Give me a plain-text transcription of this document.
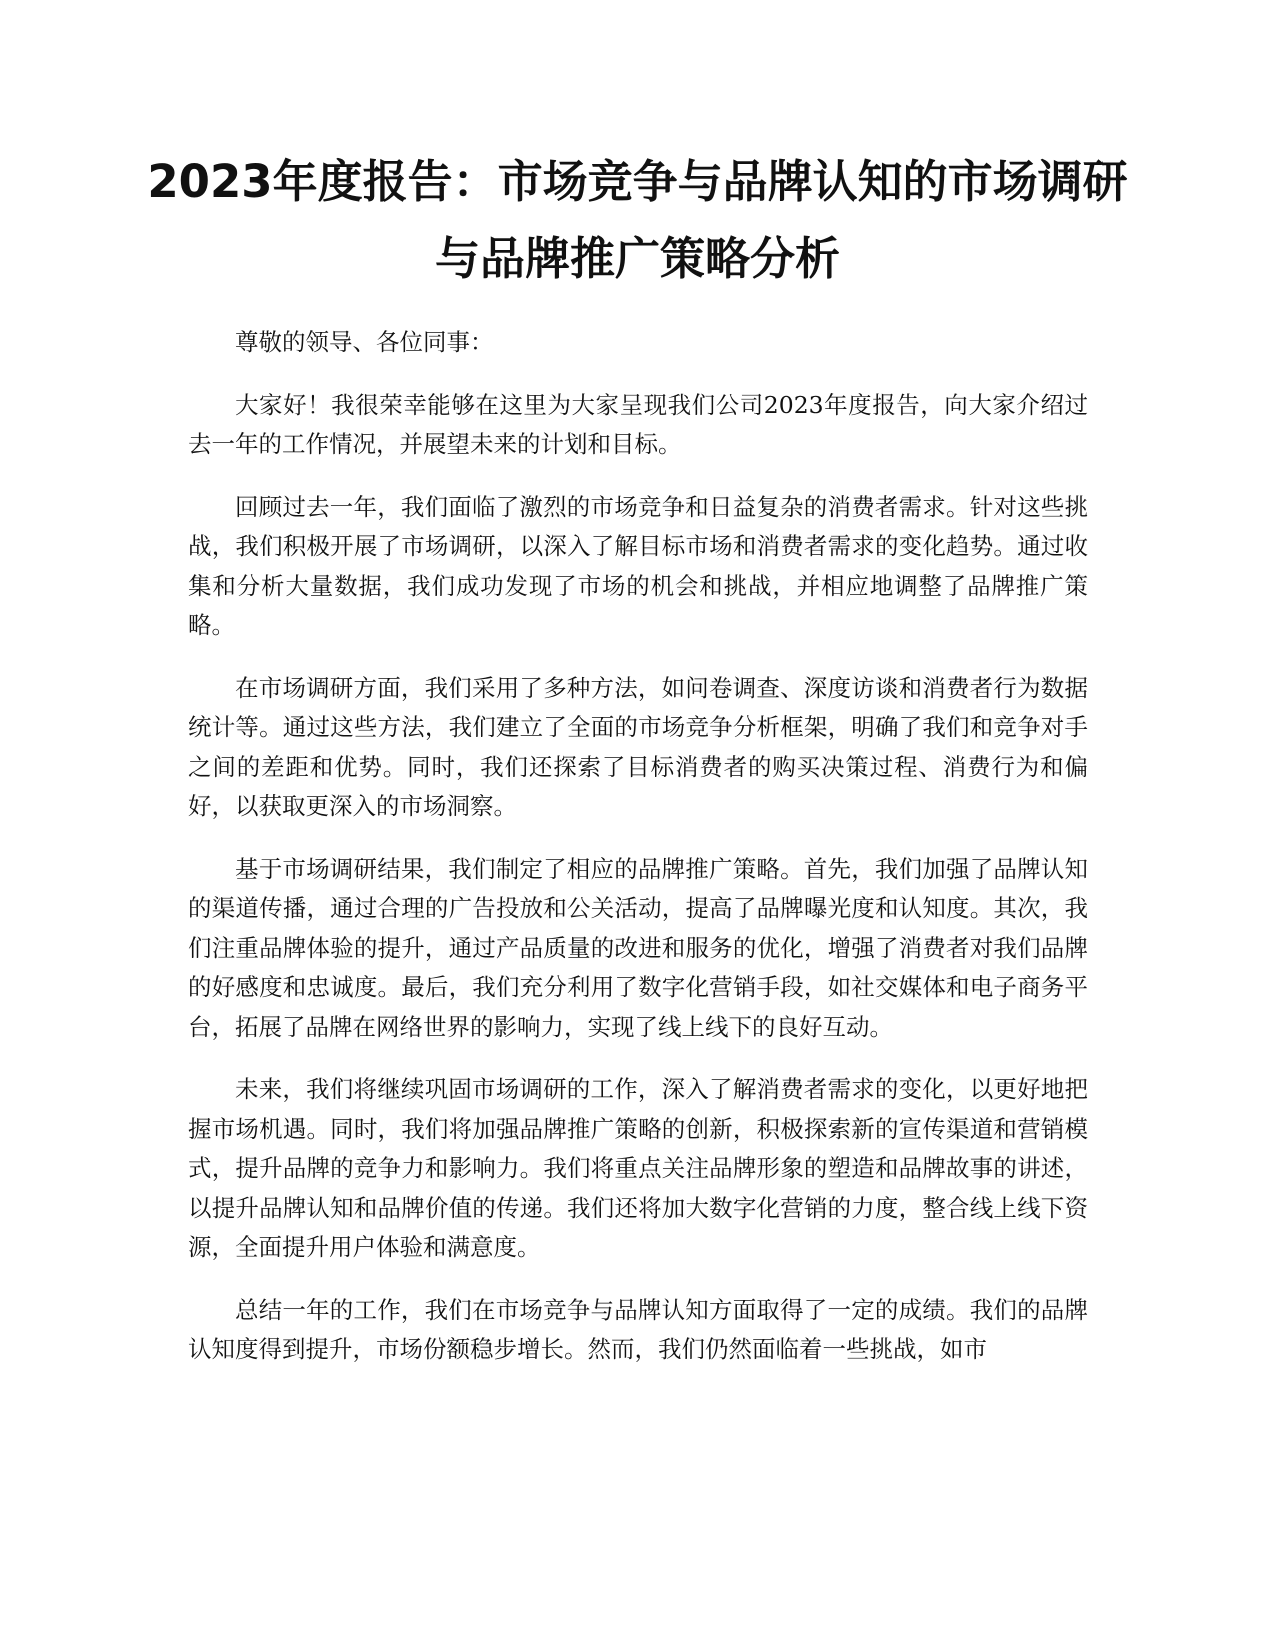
2023年度报告：市场竞争与品牌认知的市场调研与品牌推广策略分析

尊敬的领导、各位同事：

大家好！我很荣幸能够在这里为大家呈现我们公司2023年度报告，向大家介绍过去一年的工作情况，并展望未来的计划和目标。

回顾过去一年，我们面临了激烈的市场竞争和日益复杂的消费者需求。针对这些挑战，我们积极开展了市场调研，以深入了解目标市场和消费者需求的变化趋势。通过收集和分析大量数据，我们成功发现了市场的机会和挑战，并相应地调整了品牌推广策略。

在市场调研方面，我们采用了多种方法，如问卷调查、深度访谈和消费者行为数据统计等。通过这些方法，我们建立了全面的市场竞争分析框架，明确了我们和竞争对手之间的差距和优势。同时，我们还探索了目标消费者的购买决策过程、消费行为和偏好，以获取更深入的市场洞察。

基于市场调研结果，我们制定了相应的品牌推广策略。首先，我们加强了品牌认知的渠道传播，通过合理的广告投放和公关活动，提高了品牌曝光度和认知度。其次，我们注重品牌体验的提升，通过产品质量的改进和服务的优化，增强了消费者对我们品牌的好感度和忠诚度。最后，我们充分利用了数字化营销手段，如社交媒体和电子商务平台，拓展了品牌在网络世界的影响力，实现了线上线下的良好互动。

未来，我们将继续巩固市场调研的工作，深入了解消费者需求的变化，以更好地把握市场机遇。同时，我们将加强品牌推广策略的创新，积极探索新的宣传渠道和营销模式，提升品牌的竞争力和影响力。我们将重点关注品牌形象的塑造和品牌故事的讲述，以提升品牌认知和品牌价值的传递。我们还将加大数字化营销的力度，整合线上线下资源，全面提升用户体验和满意度。

总结一年的工作，我们在市场竞争与品牌认知方面取得了一定的成绩。我们的品牌认知度得到提升，市场份额稳步增长。然而，我们仍然面临着一些挑战，如市
